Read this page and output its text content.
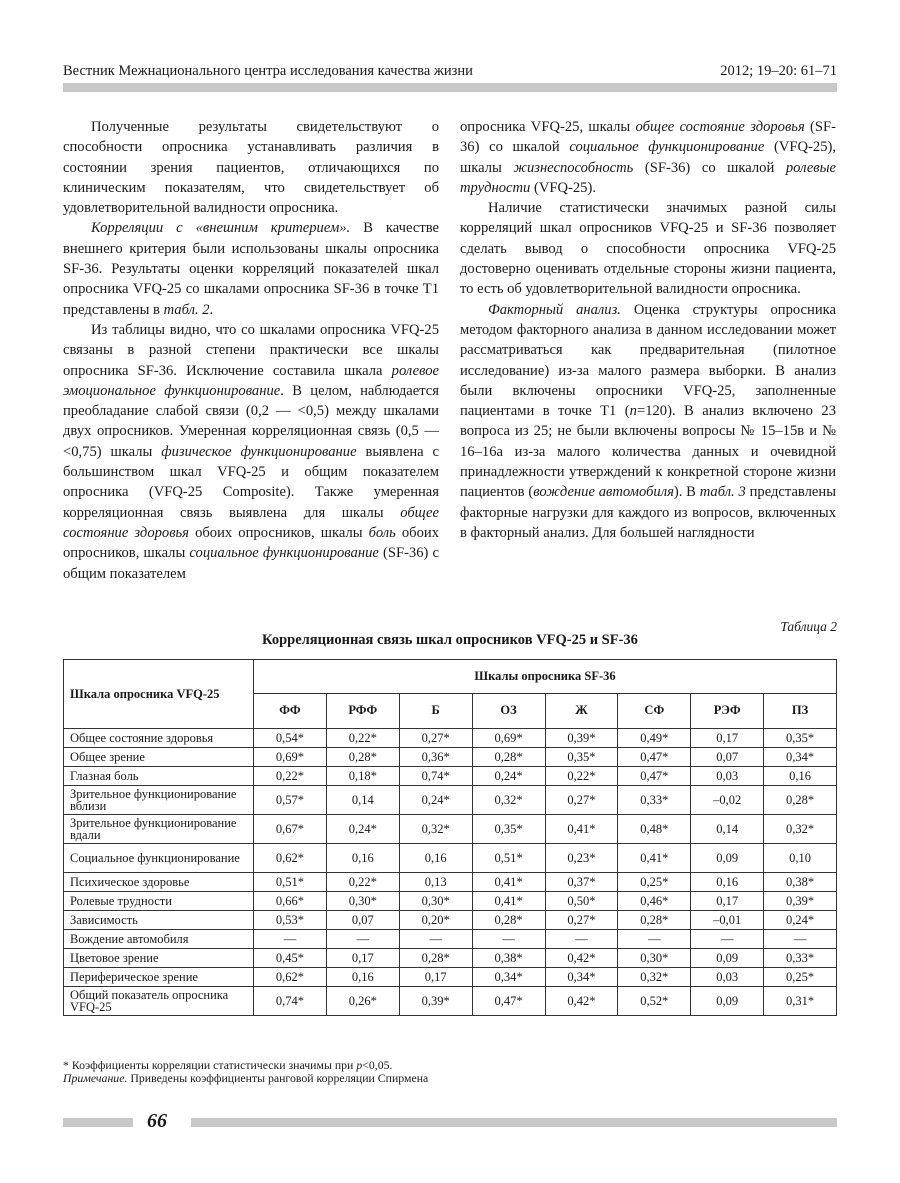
Вестник Межнационального центра исследования качества жизни	2012; 19–20: 61–71

Полученные результаты свидетельствуют о способности опросника устанавливать различия в состоянии зрения пациентов, отличающихся по клиническим показателям, что свидетельствует об удовлетворительной валидности опросника.

Корреляции с «внешним критерием». В качестве внешнего критерия были использованы шкалы опросника SF-36. Результаты оценки корреляций показателей шкал опросника VFQ-25 со шкалами опросника SF-36 в точке Т1 представлены в табл. 2.

Из таблицы видно, что со шкалами опросника VFQ-25 связаны в разной степени практически все шкалы опросника SF-36. Исключение составила шкала ролевое эмоциональное функционирование. В целом, наблюдается преобладание слабой связи (0,2 — <0,5) между шкалами двух опросников. Умеренная корреляционная связь (0,5 — <0,75) шкалы физическое функционирование выявлена с большинством шкал VFQ-25 и общим показателем опросника (VFQ-25 Composite). Также умеренная корреляционная связь выявлена для шкалы общее состояние здоровья обоих опросников, шкалы боль обоих опросников, шкалы социальное функционирование (SF-36) с общим показателем

опросника VFQ-25, шкалы общее состояние здоровья (SF-36) со шкалой социальное функционирование (VFQ-25), шкалы жизнеспособность (SF-36) со шкалой ролевые трудности (VFQ-25).

Наличие статистически значимых разной силы корреляций шкал опросников VFQ-25 и SF-36 позволяет сделать вывод о способности опросника VFQ-25 достоверно оценивать отдельные стороны жизни пациента, то есть об удовлетворительной валидности опросника.

Факторный анализ. Оценка структуры опросника методом факторного анализа в данном исследовании может рассматриваться как предварительная (пилотное исследование) из-за малого размера выборки. В анализ были включены опросники VFQ-25, заполненные пациентами в точке Т1 (n=120). В анализ включено 23 вопроса из 25; не были включены вопросы № 15–15в и № 16–16а из-за малого количества данных и очевидной принадлежности утверждений к конкретной стороне жизни пациентов (вождение автомобиля). В табл. 3 представлены факторные нагрузки для каждого из вопросов, включенных в факторный анализ. Для большей наглядности

Таблица 2
Корреляционная связь шкал опросников VFQ-25 и SF-36
Шкала опросника VFQ-25	Шкалы опросника SF-36							
	ФФ	РФФ	Б	ОЗ	Ж	СФ	РЭФ	ПЗ
Общее состояние здоровья	0,54*	0,22*	0,27*	0,69*	0,39*	0,49*	0,17	0,35*
Общее зрение	0,69*	0,28*	0,36*	0,28*	0,35*	0,47*	0,07	0,34*
Глазная боль	0,22*	0,18*	0,74*	0,24*	0,22*	0,47*	0,03	0,16
Зрительное функционирование вблизи	0,57*	0,14	0,24*	0,32*	0,27*	0,33*	–0,02	0,28*
Зрительное функционирование вдали	0,67*	0,24*	0,32*	0,35*	0,41*	0,48*	0,14	0,32*
Социальное функционирование	0,62*	0,16	0,16	0,51*	0,23*	0,41*	0,09	0,10
Психическое здоровье	0,51*	0,22*	0,13	0,41*	0,37*	0,25*	0,16	0,38*
Ролевые трудности	0,66*	0,30*	0,30*	0,41*	0,50*	0,46*	0,17	0,39*
Зависимость	0,53*	0,07	0,20*	0,28*	0,27*	0,28*	–0,01	0,24*
Вождение автомобиля	—	—	—	—	—	—	—	—
Цветовое зрение	0,45*	0,17	0,28*	0,38*	0,42*	0,30*	0,09	0,33*
Периферическое зрение	0,62*	0,16	0,17	0,34*	0,34*	0,32*	0,03	0,25*
Общий показатель опросника VFQ-25	0,74*	0,26*	0,39*	0,47*	0,42*	0,52*	0,09	0,31*
* Коэффициенты корреляции статистически значимы при p<0,05.
Примечание. Приведены коэффициенты ранговой корреляции Спирмена
66
